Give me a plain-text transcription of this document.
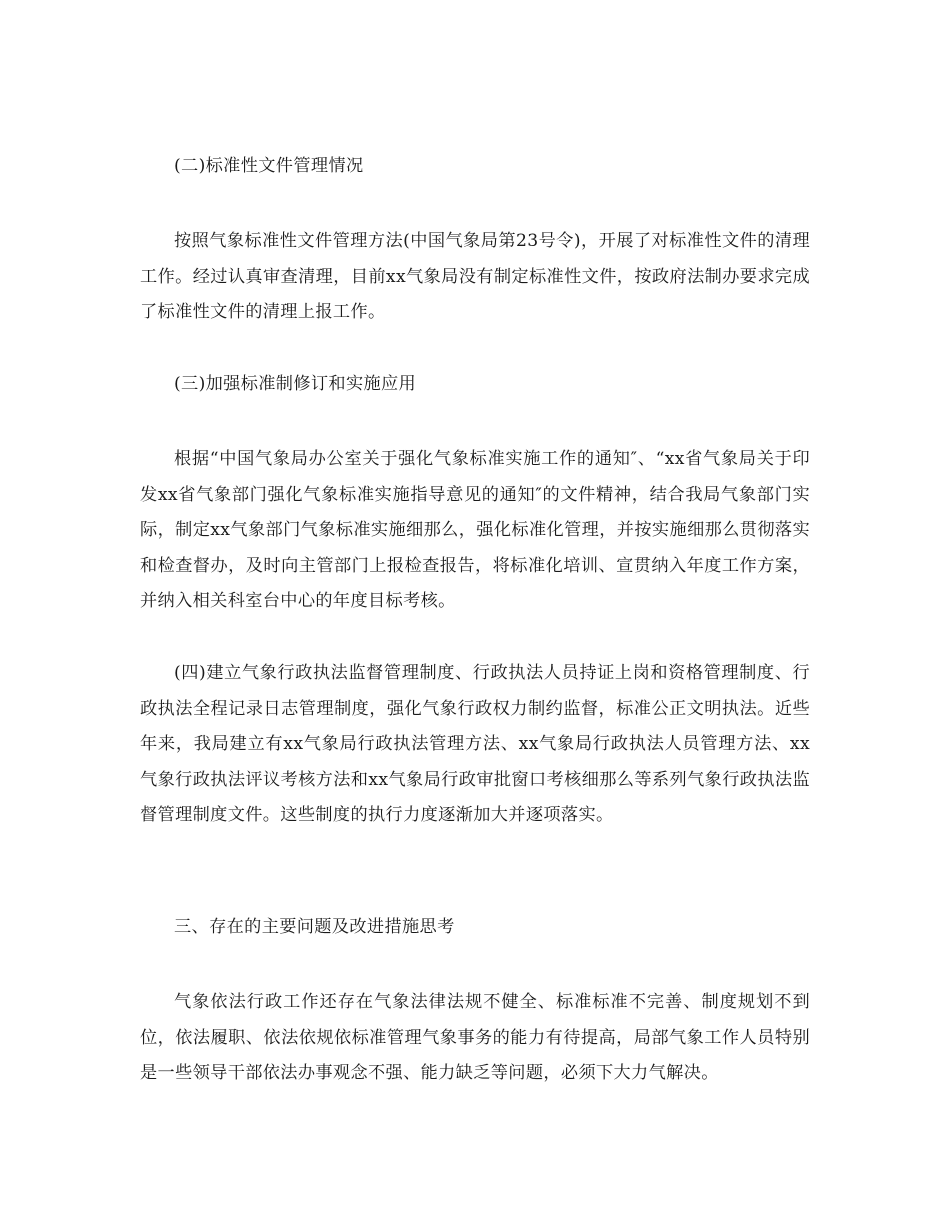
(二)标准性文件管理情况

按照气象标准性文件管理方法(中国气象局第23号令)，开展了对标准性文件的清理工作。经过认真审查清理，目前xx气象局没有制定标准性文件，按政府法制办要求完成了标准性文件的清理上报工作。

(三)加强标准制修订和实施应用

根据“中国气象局办公室关于强化气象标准实施工作的通知″、“xx省气象局关于印发xx省气象部门强化气象标准实施指导意见的通知″的文件精神，结合我局气象部门实际，制定xx气象部门气象标准实施细那么，强化标准化管理，并按实施细那么贯彻落实和检查督办，及时向主管部门上报检查报告，将标准化培训、宣贯纳入年度工作方案，并纳入相关科室台中心的年度目标考核。

(四)建立气象行政执法监督管理制度、行政执法人员持证上岗和资格管理制度、行政执法全程记录日志管理制度，强化气象行政权力制约监督，标准公正文明执法。近些年来，我局建立有xx气象局行政执法管理方法、xx气象局行政执法人员管理方法、xx气象行政执法评议考核方法和xx气象局行政审批窗口考核细那么等系列气象行政执法监督管理制度文件。这些制度的执行力度逐渐加大并逐项落实。

三、存在的主要问题及改进措施思考

气象依法行政工作还存在气象法律法规不健全、标准标准不完善、制度规划不到位，依法履职、依法依规依标准管理气象事务的能力有待提高，局部气象工作人员特别是一些领导干部依法办事观念不强、能力缺乏等问题，必须下大力气解决。
